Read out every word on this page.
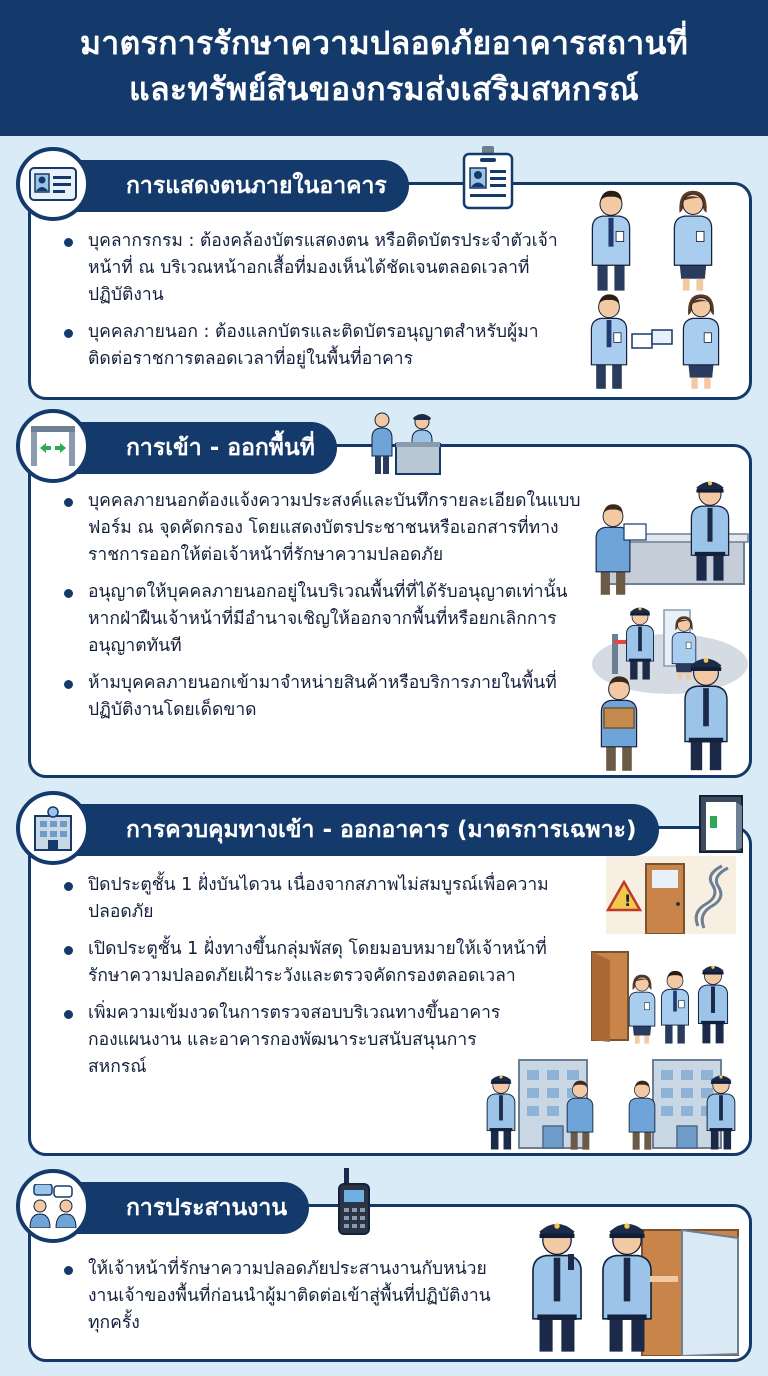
มาตรการรักษาความปลอดภัยอาคารสถานที่
และทรัพย์สินของกรมส่งเสริมสหกรณ์
การแสดงตนภายในอาคาร
บุคลากรกรม : ต้องคล้องบัตรแสดงตน หรือติดบัตรประจำตัวเจ้าหน้าที่ ณ บริเวณหน้าอกเสื้อที่มองเห็นได้ชัดเจนตลอดเวลาที่ปฏิบัติงาน
บุคคลภายนอก : ต้องแลกบัตรและติดบัตรอนุญาตสำหรับผู้มาติดต่อราชการตลอดเวลาที่อยู่ในพื้นที่อาคาร
การเข้า - ออกพื้นที่
บุคคลภายนอกต้องแจ้งความประสงค์และบันทึกรายละเอียดในแบบฟอร์ม ณ จุดคัดกรอง โดยแสดงบัตรประชาชนหรือเอกสารที่ทางราชการออกให้ต่อเจ้าหน้าที่รักษาความปลอดภัย
อนุญาตให้บุคคลภายนอกอยู่ในบริเวณพื้นที่ที่ได้รับอนุญาตเท่านั้น หากฝ่าฝืนเจ้าหน้าที่มีอำนาจเชิญให้ออกจากพื้นที่หรือยกเลิกการอนุญาตทันที
ห้ามบุคคลภายนอกเข้ามาจำหน่ายสินค้าหรือบริการภายในพื้นที่ปฏิบัติงานโดยเด็ดขาด
การควบคุมทางเข้า - ออกอาคาร (มาตรการเฉพาะ)
ปิดประตูชั้น 1 ฝั่งบันไดวน เนื่องจากสภาพไม่สมบูรณ์เพื่อความปลอดภัย
เปิดประตูชั้น 1 ฝั่งทางขึ้นกลุ่มพัสดุ โดยมอบหมายให้เจ้าหน้าที่รักษาความปลอดภัยเฝ้าระวังและตรวจคัดกรองตลอดเวลา
เพิ่มความเข้มงวดในการตรวจสอบบริเวณทางขึ้นอาคารกองแผนงาน และอาคารกองพัฒนาระบสนับสนุนการสหกรณ์
!
การประสานงาน
ให้เจ้าหน้าที่รักษาความปลอดภัยประสานงานกับหน่วยงานเจ้าของพื้นที่ก่อนนำผู้มาติดต่อเข้าสู่พื้นที่ปฏิบัติงานทุกครั้ง
